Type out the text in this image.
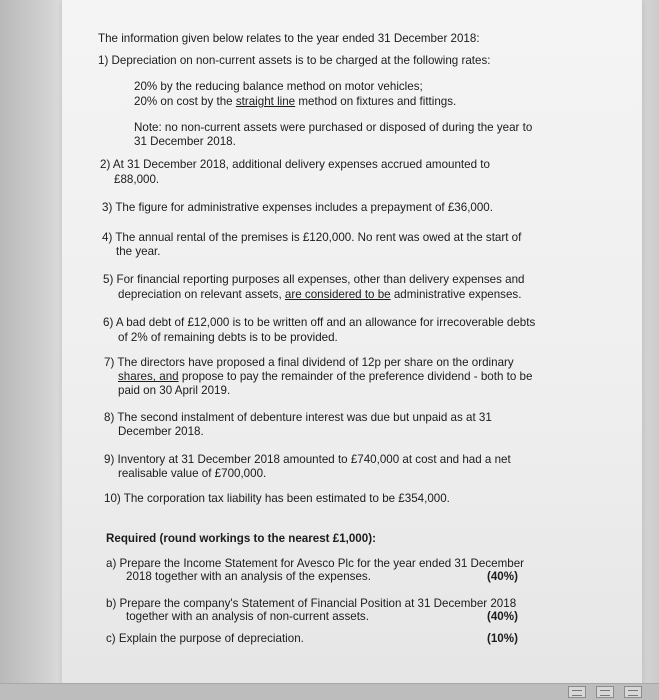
The information given below relates to the year ended 31 December 2018:
1) Depreciation on non-current assets is to be charged at the following rates:
20% by the reducing balance method on motor vehicles;
20% on cost by the straight line method on fixtures and fittings.
Note: no non-current assets were purchased or disposed of during the year to
31 December 2018.
2) At 31 December 2018, additional delivery expenses accrued amounted to
£88,000.
3) The figure for administrative expenses includes a prepayment of £36,000.
4) The annual rental of the premises is £120,000. No rent was owed at the start of
the year.
5) For financial reporting purposes all expenses, other than delivery expenses and
depreciation on relevant assets, are considered to be administrative expenses.
6) A bad debt of £12,000 is to be written off and an allowance for irrecoverable debts
of 2% of remaining debts is to be provided.
7) The directors have proposed a final dividend of 12p per share on the ordinary
shares, and propose to pay the remainder of the preference dividend - both to be
paid on 30 April 2019.
8) The second instalment of debenture interest was due but unpaid as at 31
December 2018.
9) Inventory at 31 December 2018 amounted to £740,000 at cost and had a net
realisable value of £700,000.
10) The corporation tax liability has been estimated to be £354,000.
Required (round workings to the nearest £1,000):
a) Prepare the Income Statement for Avesco Plc for the year ended 31 December
2018 together with an analysis of the expenses.	(40%)
b) Prepare the company's Statement of Financial Position at 31 December 2018
together with an analysis of non-current assets.	(40%)
c) Explain the purpose of depreciation.	(10%)
